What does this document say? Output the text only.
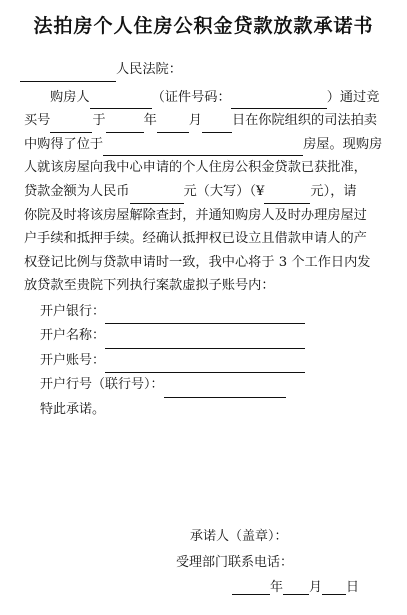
法拍房个人住房公积金贷款放款承诺书
人民法院：
购房人	（证件号码：	）通过竞
买号	于	年 月 日在你院组织的司法拍卖
中购得了位于	房屋。现购房
人就该房屋向我中心申请的个人住房公积金贷款已获批准，
贷款金额为人民币	元（大写）（¥	元），请
你院及时将该房屋解除查封，并通知购房人及时办理房屋过
户手续和抵押手续。经确认抵押权已设立且借款申请人的产
权登记比例与贷款申请时一致，我中心将于 3 个工作日内发
放贷款至贵院下列执行案款虚拟子账号内：
开户银行：
开户名称：
开户账号：
开户行号（联行号）：
特此承诺。
承诺人（盖章）：
受理部门联系电话：
年 月 日
